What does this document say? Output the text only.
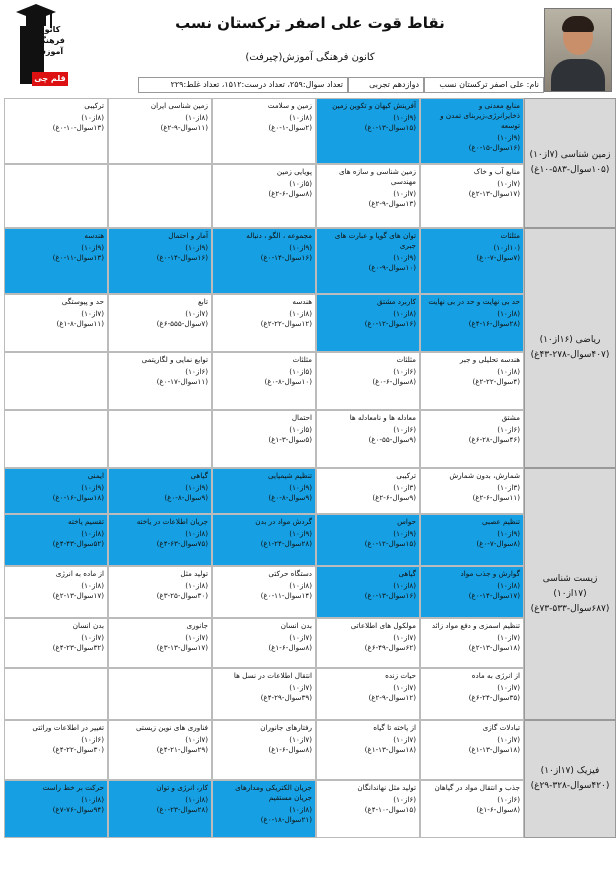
کانون
فرهنگی
آموزش
قلم چی
نقاط قوت علی اصفر ترکستان نسب
کانون فرهنگی آموزش(چیرفت)
نام: علی اصفر ترکستان نسب
دوازدهم تجربی
تعداد سوال:۲۵۹، تعداد درست:۱۵۱۲، تعداد غلط:۲۲۹
منابع معدنی و ذخایرانرژی،زیربنای تمدن و توسعه
(۹از۱۰)
(۱۶سوال-۱۵-۰غ)
آفرینش کیهان و تکوین زمین
(۹از۱۰)
(۱۵سوال-۱۳-۰غ)
زمین و سلامت
(۸از۱۰)
(۲سوال-۱-۰غ)
زمین شناسی ایران
(۸از۱۰)
(۱۱سوال-۹-۲غ)
ترکیبی
(۸از۱۰)
(۱۳سوال-۱۰-۰غ)
منابع آب و خاک
(۷از۱۰)
(۱۷سوال-۱۳-۲غ)
زمین شناسی و سازه های مهندسی
(۷از۱۰)
(۱۳سوال-۹-۲غ)
پویایی زمین
(۵از۱۰)
(۸سوال-۶-۲غ)
مثلثات
(۱۰از۱۰)
(۷سوال-۷-۰غ)
توان های گویا و عبارت های جبری
(۹از۱۰)
(۱۰سوال-۹-۰غ)
مجموعه ، الگو ، دنباله
(۹از۱۰)
(۱۶سوال-۱۴-۰غ)
آمار و احتمال
(۹از۱۰)
(۱۶سوال-۱۴-۰غ)
هندسه
(۹از۱۰)
(۱۳سوال-۱۱-۰غ)
حد بی نهایت و حد در بی نهایت
(۸از۱۰)
(۲۸سوال-۱۶-۴غ)
کاربرد مشتق
(۸از۱۰)
(۱۶سوال-۱۲-۰غ)
هندسه
(۸از۱۰)
(۱۲سوال-۲۲-۲غ)
تابع
(۷از۱۰)
(۷سوال-۵۵۵-۶غ)
حد و پیوستگی
(۷از۱۰)
(۱۱سوال-۸-۱غ)
هندسه تحلیلی و جبر
(۸از۱۰)
(۴سوال-۲۲-۲غ)
مثلثات
(۶از۱۰)
(۸سوال-۶-۰غ)
مثلثات
(۵از۱۰)
(۱۰سوال-۸-۰غ)
توابع نمایی و لگاریتمی
(۶از۱۰)
(۱۱سوال-۱۷-۰غ)
مشتق
(۶از۱۰)
(۴۶سوال-۲۸-۶غ)
معادله ها و نامعادله ها
(۶از۱۰)
(۹سوال-۵۵-۰غ)
احتمال
(۵از۱۰)
(۵سوال-۳-۱غ)
شمارش، بدون شمارش
(۳از۱۰)
(۱۱سوال-۶-۲غ)
ترکیبی
(۳از۱۰)
(۹سوال-۶-۲غ)
تنظیم شیمیایی
(۹از۱۰)
(۹سوال-۸-۰غ)
گیاهی
(۹از۱۰)
(۹سوال-۸-۰غ)
ایمنی
(۹از۱۰)
(۱۸سوال-۱۶-۰غ)
تنظیم عصبی
(۹از۱۰)
(۸سوال-۷-۰غ)
حواس
(۹از۱۰)
(۱۵سوال-۱۲-۰غ)
گردش مواد در بدن
(۹از۱۰)
(۲۸سوال-۲۴-۱غ)
جریان اطلاعات در یاخته
(۸از۱۰)
(۷۵سوال-۶۳-۴غ)
تقسیم یاخته
(۸از۱۰)
(۵۲سوال-۴۳-۴غ)
گوارش و جذب مواد
(۸از۱۰)
(۱۷سوال-۱۴-۰غ)
گیاهی
(۸از۱۰)
(۱۶سوال-۱۳-۰غ)
دستگاه حرکتی
(۸از۱۰)
(۱۴سوال-۱۱-۰غ)
تولید مثل
(۸از۱۰)
(۳۰سوال-۲۵-۳غ)
از ماده به انرژی
(۸از۱۰)
(۱۷سوال-۱۳-۲غ)
تنظیم اسمزی و دفع مواد زائد
(۷از۱۰)
(۱۸سوال-۱۳-۲غ)
مولکول های اطلاعاتی
(۷از۱۰)
(۶۲سوال-۴۹-۶غ)
بدن انسان
(۷از۱۰)
(۸سوال-۶-۱غ)
جانوری
(۷از۱۰)
(۱۷سوال-۱۳-۳غ)
بدن انسان
(۷از۱۰)
(۳۲سوال-۲۳-۴غ)
از انرژی به ماده
(۷از۱۰)
(۳۵سوال-۲۴-۶غ)
حیات زنده
(۷از۱۰)
(۱۲سوال-۹-۲غ)
انتقال اطلاعات در نسل ها
(۷از۱۰)
(۳۹سوال-۲۹-۴غ)
تبادلات گازی
(۷از۱۰)
(۱۸سوال-۱۳-۱غ)
از یاخته تا گیاه
(۷از۱۰)
(۱۸سوال-۱۳-۱غ)
رفتارهای جانوران
(۷از۱۰)
(۸سوال-۶-۱غ)
فناوری های نوین زیستی
(۷از۱۰)
(۲۹سوال-۲۱-۴غ)
تغییر در اطلاعات وراثتی
(۶از۱۰)
(۳۰سوال-۲۲-۴غ)
جذب و انتقال مواد در گیاهان
(۶از۱۰)
(۸سوال-۶-۱غ)
تولید مثل نهاندانگان
(۶از۱۰)
(۱۵سوال-۱۰-۴غ)
جریان الکتریکی ومدارهای جریان مستقیم
(۸از۱۰)
(۲۱سوال-۱۸-۰غ)
کار، انرژی و توان
(۸از۱۰)
(۲۸سوال-۲۳-۰غ)
حرکت بر خط راست
(۸از۱۰)
(۹۴سوال-۷۶-۷غ)
زمین شناسی (۷از۱۰)
(۱۰۵سوال-۵۸۳-۱۰غ)
ریاضی (۱۶از۱۰)
(۴۰۷سوال-۲۷۸-۴۳غ)
زیست شناسی (۱۷از۱۰)
(۶۸۷سوال-۵۳۳-۷۳غ)
فیزیک (۱۷از۱۰)
(۴۲۰سوال-۳۲۸-۲۹غ)
